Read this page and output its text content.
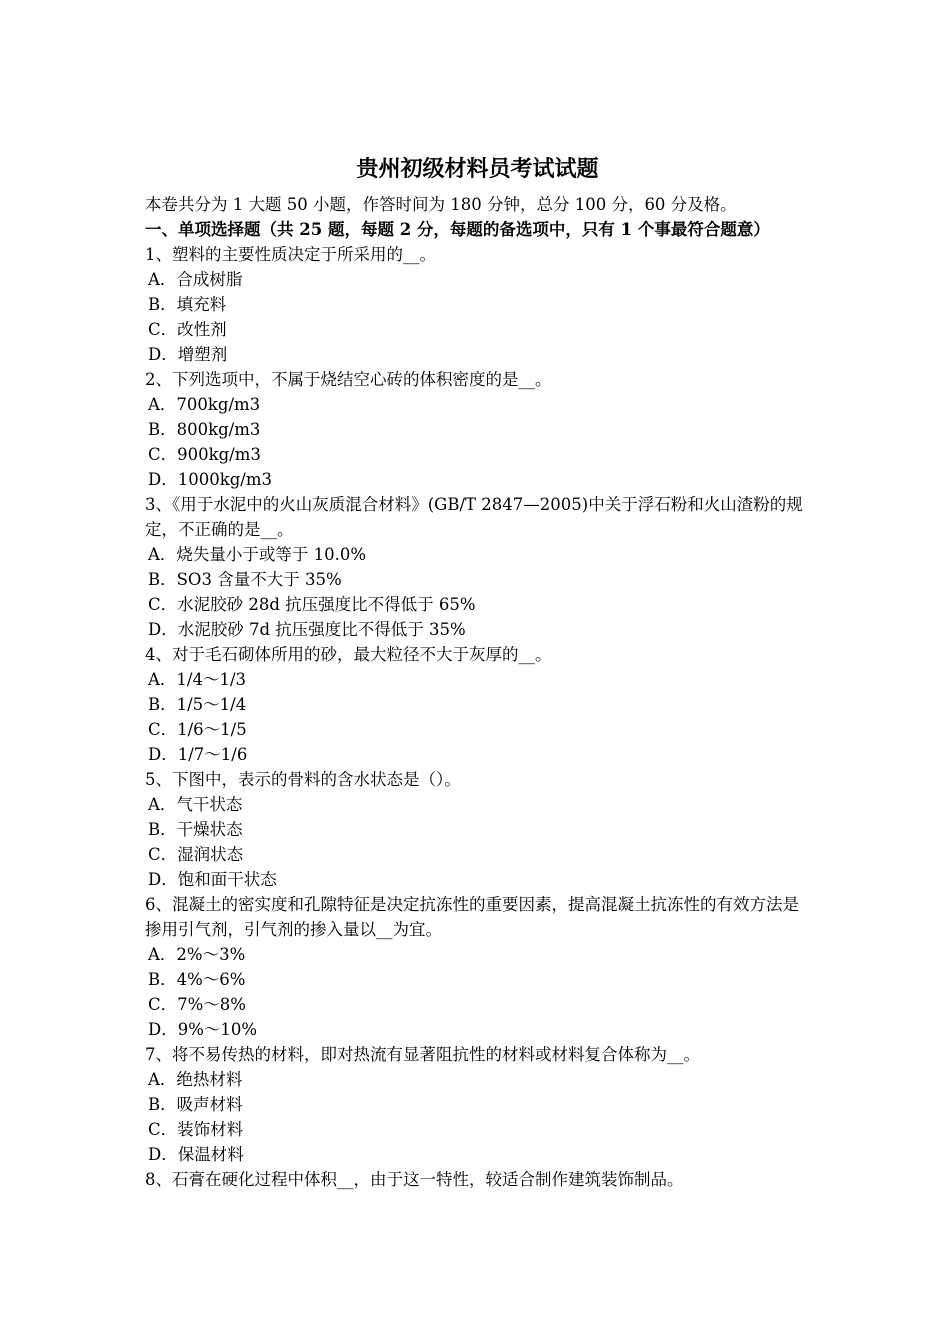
贵州初级材料员考试试题
本卷共分为 1 大题 50 小题，作答时间为 180 分钟，总分 100 分，60 分及格。
一、单项选择题（共 25 题，每题 2 分，每题的备选项中，只有 1 个事最符合题意）
1、塑料的主要性质决定于所采用的__。
A．合成树脂
B．填充料
C．改性剂
D．增塑剂
2、下列选项中，不属于烧结空心砖的体积密度的是__。
A．700kg/m3
B．800kg/m3
C．900kg/m3
D．1000kg/m3
3、《用于水泥中的火山灰质混合材料》(GB/T 2847—2005)中关于浮石粉和火山渣粉的规定，不正确的是__。
A．烧失量小于或等于 10.0%
B．SO3 含量不大于 35%
C．水泥胶砂 28d 抗压强度比不得低于 65%
D．水泥胶砂 7d 抗压强度比不得低于 35%
4、对于毛石砌体所用的砂，最大粒径不大于灰厚的__。
A．1/4～1/3
B．1/5～1/4
C．1/6～1/5
D．1/7～1/6
5、下图中，表示的骨料的含水状态是（）。
A．气干状态
B．干燥状态
C．湿润状态
D．饱和面干状态
6、混凝土的密实度和孔隙特征是决定抗冻性的重要因素，提高混凝土抗冻性的有效方法是掺用引气剂，引气剂的掺入量以__为宜。
A．2%～3%
B．4%～6%
C．7%～8%
D．9%～10%
7、将不易传热的材料，即对热流有显著阻抗性的材料或材料复合体称为__。
A．绝热材料
B．吸声材料
C．装饰材料
D．保温材料
8、石膏在硬化过程中体积__，由于这一特性，较适合制作建筑装饰制品。
